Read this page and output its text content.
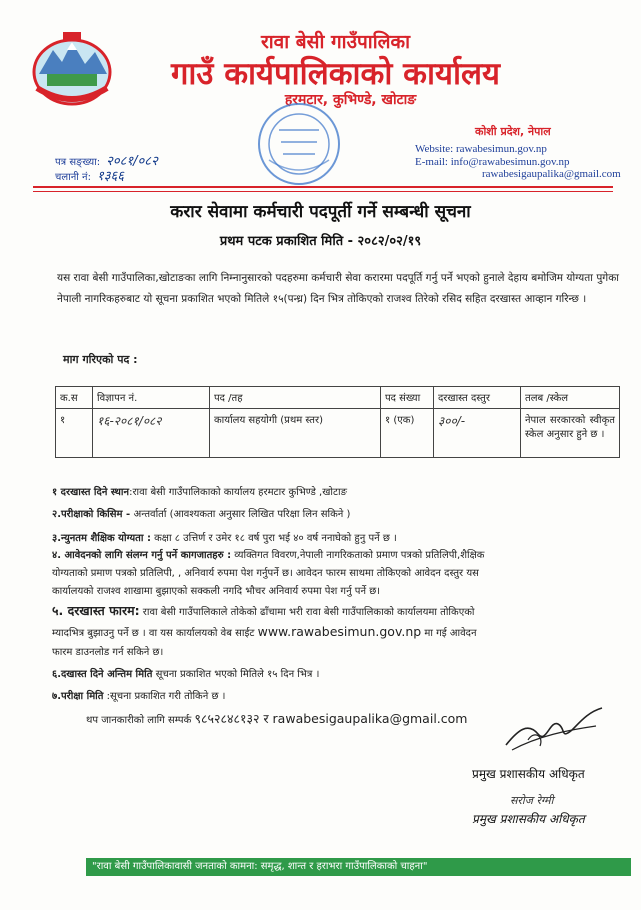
रावा बेसी गाउँपालिका
गाउँ कार्यपालिकाको कार्यालय
हरमटार, कुभिण्डे, खोटाङ
कोशी प्रदेश, नेपाल
Website: rawabesimun.gov.np
E-mail: info@rawabesimun.gov.np
rawabesigaupalika@gmail.com
पत्र सङ्ख्या: २०८१/०८२
चलानी नं: १३६६
करार सेवामा कर्मचारी पदपूर्ती गर्ने सम्बन्धी सूचना
प्रथम पटक प्रकाशित मिति - २०८२/०२/१९
यस रावा बेसी गाउँपालिका,खोटाङका लागि निम्नानुसारको पदहरुमा कर्मचारी सेवा करारमा पदपूर्ति गर्नु पर्ने भएको हुनाले देहाय बमोजिम योग्यता पुगेका नेपाली नागरिकहरुबाट यो सूचना प्रकाशित भएको मितिले १५(पन्ध्र) दिन भित्र तोकिएको राजश्व तिरेको रसिद सहित दरखास्त आव्हान गरिन्छ ।
माग गरिएको पद :
क.स	विज्ञापन नं.	पद /तह	पद संख्या	दरखास्त दस्तुर	तलब /स्केल
१	१६-२०८१/०८२	कार्यालय सहयोगी (प्रथम स्तर)	१ (एक)	३००/-	नेपाल सरकारको स्वीकृत स्केल अनुसार हुने छ ।
१ दरखास्त दिने स्थान:रावा बेसी गाउँपालिकाको कार्यालय हरमटार कुभिण्डे ,खोटाङ
२.परीक्षाको किसिम - अन्तर्वार्ता (आवश्यकता अनुसार लिखित परिक्षा लिन सकिने )
३.न्युनतम शैक्षिक योग्यता : कक्षा ८ उत्तिर्ण र उमेर १८ वर्ष पुरा भई ४० वर्ष ननाघेको हुनु पर्ने छ ।
४. आवेदनको लागि संलग्न गर्नु पर्ने कागजातहरु : व्यक्तिगत विवरण,नेपाली नागरिकताको प्रमाण पत्रको प्रतिलिपी,शैक्षिक
योग्यताको प्रमाण पत्रको प्रतिलिपी, , अनिवार्य रुपमा पेश गर्नुपर्ने छ। आवेदन फारम साथमा तोकिएको आवेदन दस्तुर यस
कार्यालयको राजश्व शाखामा बुझाएको सक्कली नगदि भौचर अनिवार्य रुपमा पेश गर्नु पर्ने छ।
५. दरखास्त फारम: रावा बेसी गाउँपालिकाले तोकेको ढाँचामा भरी रावा बेसी गाउँपालिकाको कार्यालयमा तोकिएको
म्यादभित्र बुझाउनु पर्ने छ । वा यस कार्यालयको वेब साईट www.rawabesimun.gov.np मा गई आवेदन
फारम डाउनलोड गर्न सकिने छ।
६.दखास्त दिने अन्तिम मिति सूचना प्रकाशित भएको मितिले १५ दिन भित्र ।
७.परीक्षा मिति :सूचना प्रकाशित गरी तोकिने छ ।
थप जानकारीको लागि सम्पर्क ९८५२८४८१३२ र rawabesigaupalika@gmail.com
प्रमुख प्रशासकीय अधिकृत
सरोज रेग्मी
प्रमुख प्रशासकीय अधिकृत
"रावा बेसी गाउँपालिकावासी जनताको कामना: समृद्ध, शान्त र हराभरा गाउँपालिकाको चाहना"
